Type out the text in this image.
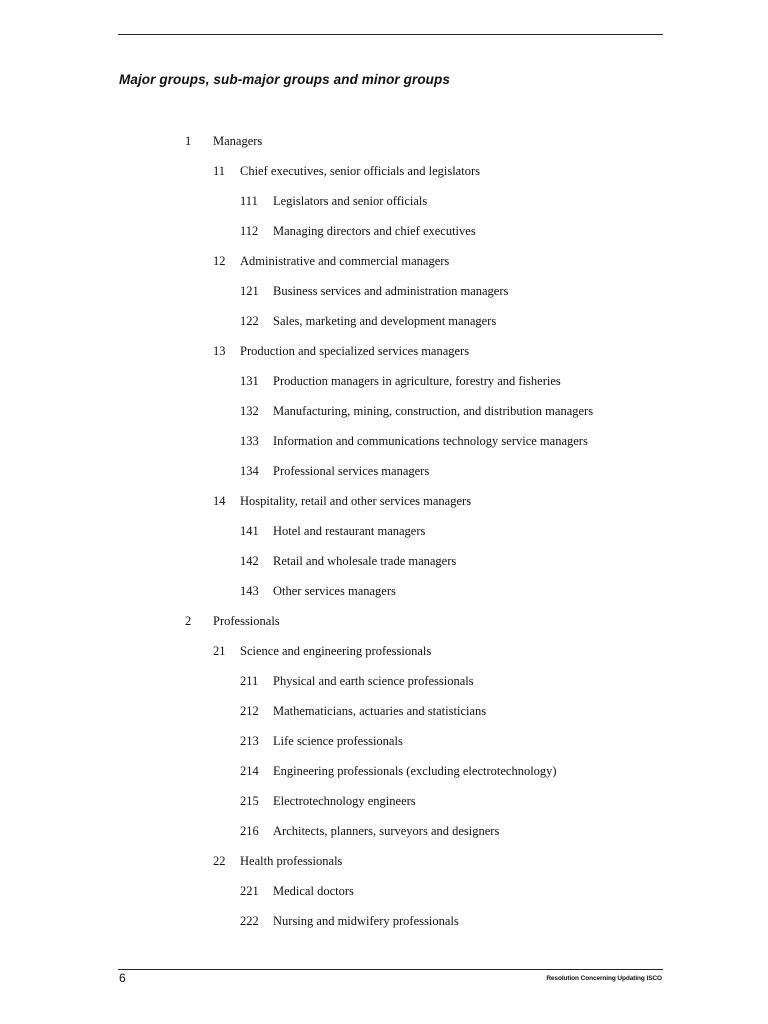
Major groups, sub-major groups and minor groups
1 Managers
11 Chief executives, senior officials and legislators
111 Legislators and senior officials
112 Managing directors and chief executives
12 Administrative and commercial managers
121 Business services and administration managers
122 Sales, marketing and development managers
13 Production and specialized services managers
131 Production managers in agriculture, forestry and fisheries
132 Manufacturing, mining, construction, and distribution managers
133 Information and communications technology service managers
134 Professional services managers
14 Hospitality, retail and other services managers
141 Hotel and restaurant managers
142 Retail and wholesale trade managers
143 Other services managers
2 Professionals
21 Science and engineering professionals
211 Physical and earth science professionals
212 Mathematicians, actuaries and statisticians
213 Life science professionals
214 Engineering professionals (excluding electrotechnology)
215 Electrotechnology engineers
216 Architects, planners, surveyors and designers
22 Health professionals
221 Medical doctors
222 Nursing and midwifery professionals
6	Resolution Concerning Updating ISCO
